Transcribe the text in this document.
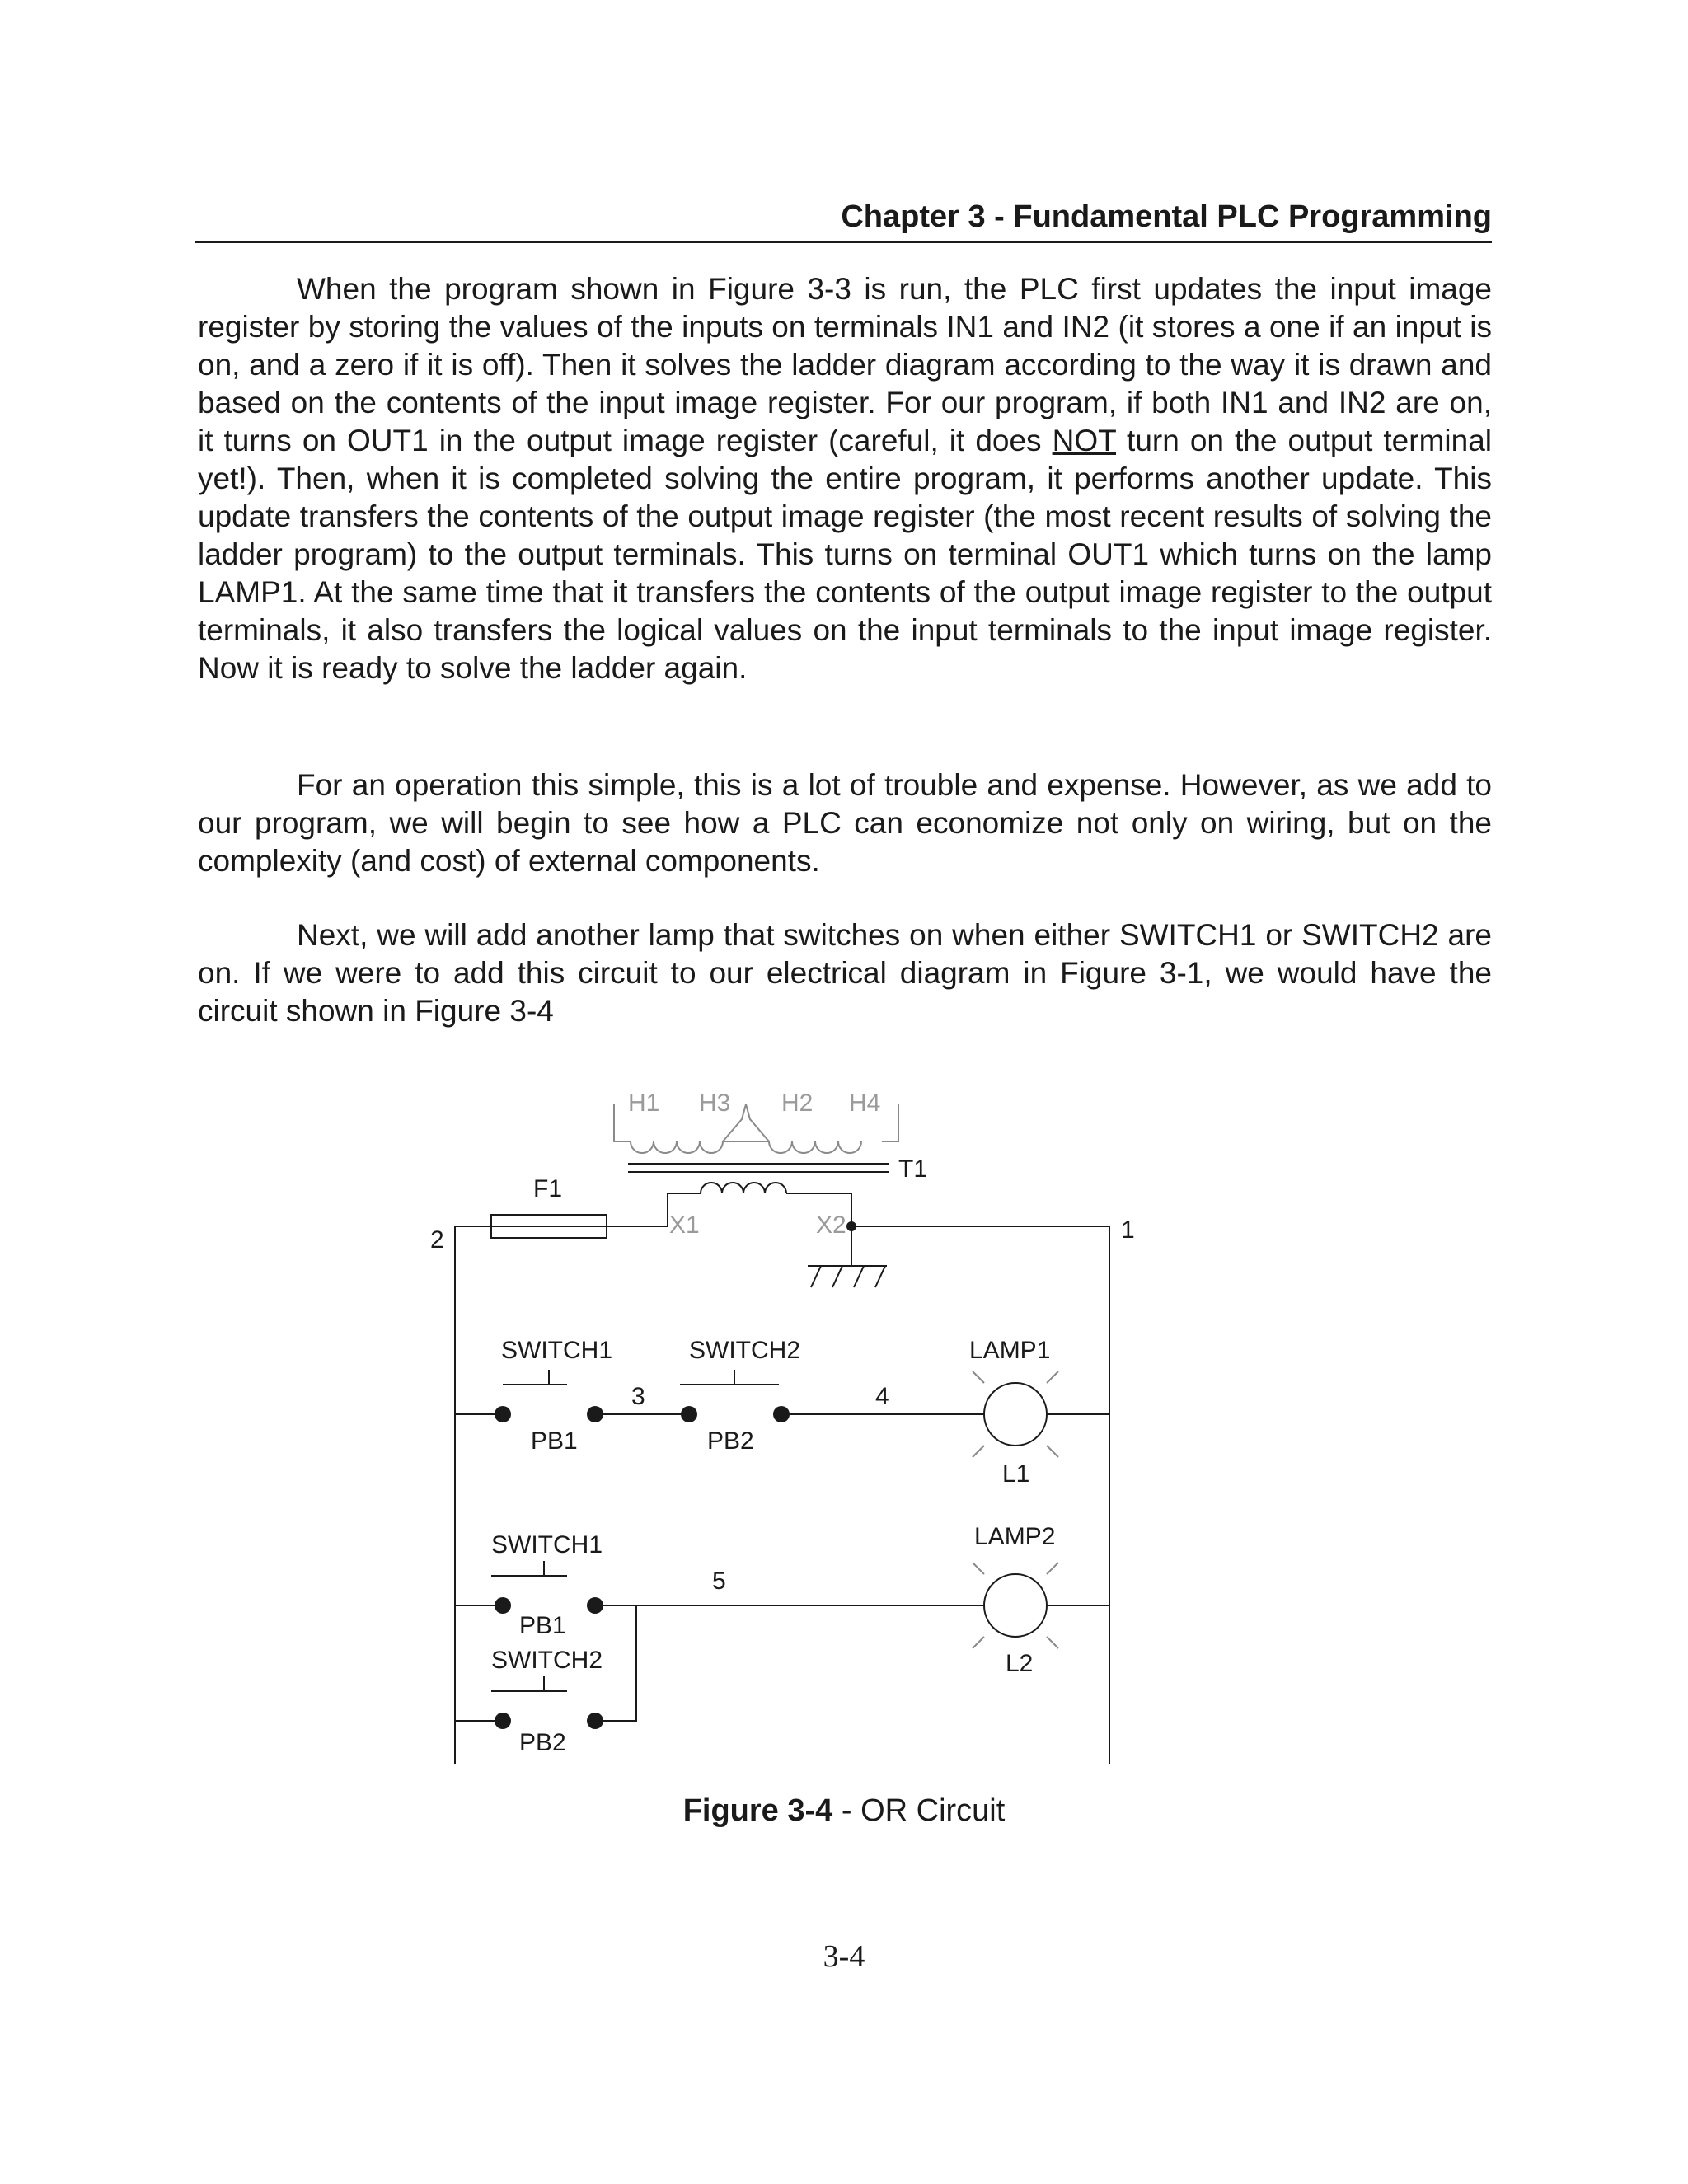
Chapter 3 - Fundamental PLC Programming

When the program shown in Figure 3-3 is run, the PLC first updates the input image register by storing the values of the inputs on terminals IN1 and IN2 (it stores a one if an input is on, and a zero if it is off). Then it solves the ladder diagram according to the way it is drawn and based on the contents of the input image register. For our program, if both IN1 and IN2 are on, it turns on OUT1 in the output image register (careful, it does NOT turn on the output terminal yet!). Then, when it is completed solving the entire program, it performs another update. This update transfers the contents of the output image register (the most recent results of solving the ladder program) to the output terminals. This turns on terminal OUT1 which turns on the lamp LAMP1. At the same time that it transfers the contents of the output image register to the output terminals, it also transfers the logical values on the input terminals to the input image register. Now it is ready to solve the ladder again.

For an operation this simple, this is a lot of trouble and expense. However, as we add to our program, we will begin to see how a PLC can economize not only on wiring, but on the complexity (and cost) of external components.

Next, we will add another lamp that switches on when either SWITCH1 or SWITCH2 are on. If we were to add this circuit to our electrical diagram in Figure 3-1, we would have the circuit shown in Figure 3-4

H1 H3 H2 H4
T1
X1	X2
F1
2	1
SWITCH1	SWITCH2	LAMP1
3	4
PB1	PB2
L1
SWITCH1	LAMP2
5
PB1
SWITCH2	L2
PB2
Figure 3-4 - OR Circuit
3-4
